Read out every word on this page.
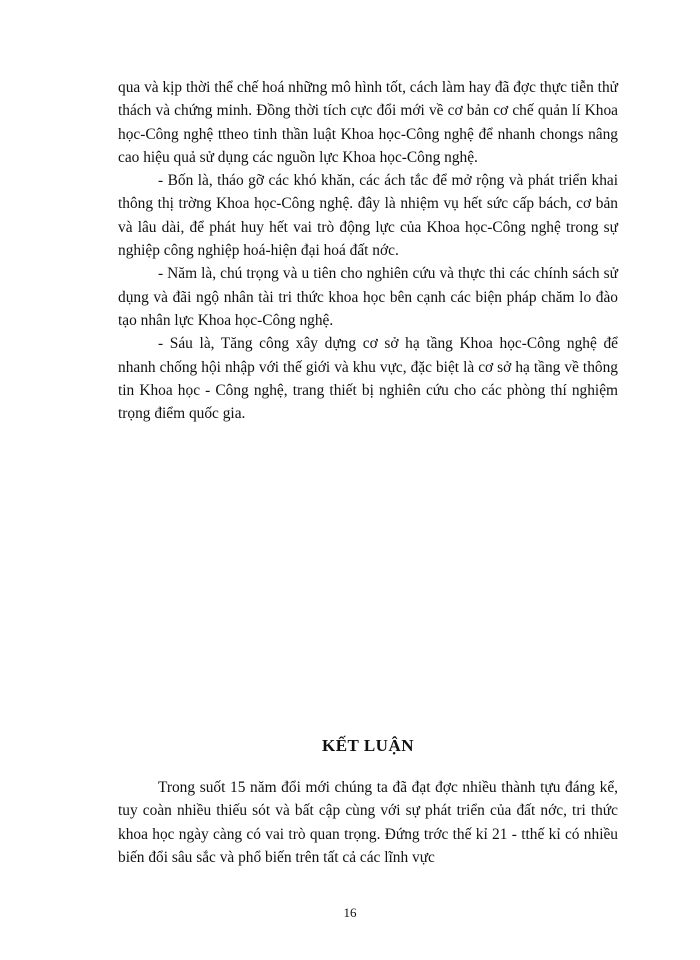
qua và kịp thời thể chế hoá những mô hình tốt, cách làm hay đã đợc thực tiễn thử thách và chứng minh. Đồng thời tích cực đổi mới về cơ bản cơ chế quản lí Khoa học-Công nghệ ttheo tinh thần luật Khoa học-Công nghệ để nhanh chongs nâng cao hiệu quả sử dụng các nguồn lực Khoa học-Công nghệ.

- Bốn là, tháo gỡ các khó khăn, các ách tắc để mở rộng và phát triển khai thông thị trờng Khoa học-Công nghệ. đây là nhiệm vụ hết sức cấp bách, cơ bản và lâu dài, để phát huy hết vai trò động lực của Khoa học-Công nghệ trong sự nghiệp công nghiệp hoá-hiện đại hoá đất nớc.

- Năm là, chú trọng và u tiên cho nghiên cứu và thực thi các chính sách sử dụng và đãi ngộ nhân tài tri thức khoa học bên cạnh các biện pháp chăm lo đào tạo nhân lực Khoa học-Công nghệ.

- Sáu là, Tăng công xây dựng cơ sở hạ tầng Khoa học-Công nghệ để nhanh chống hội nhập với thế giới và khu vực, đặc biệt là cơ sở hạ tầng về thông tin Khoa học - Công nghệ, trang thiết bị nghiên cứu cho các phòng thí nghiệm trọng điểm quốc gia.

KẾT LUẬN

Trong suốt 15 năm đổi mới chúng ta đã đạt đợc nhiều thành tựu đáng kể, tuy coàn nhiều thiếu sót và bất cập cùng với sự phát triển của đất nớc, tri thức khoa học ngày càng có vai trò quan trọng. Đứng trớc thế kỉ 21 - tthế kỉ có nhiều biến đổi sâu sắc và phổ biến trên tất cả các lĩnh vực

16
